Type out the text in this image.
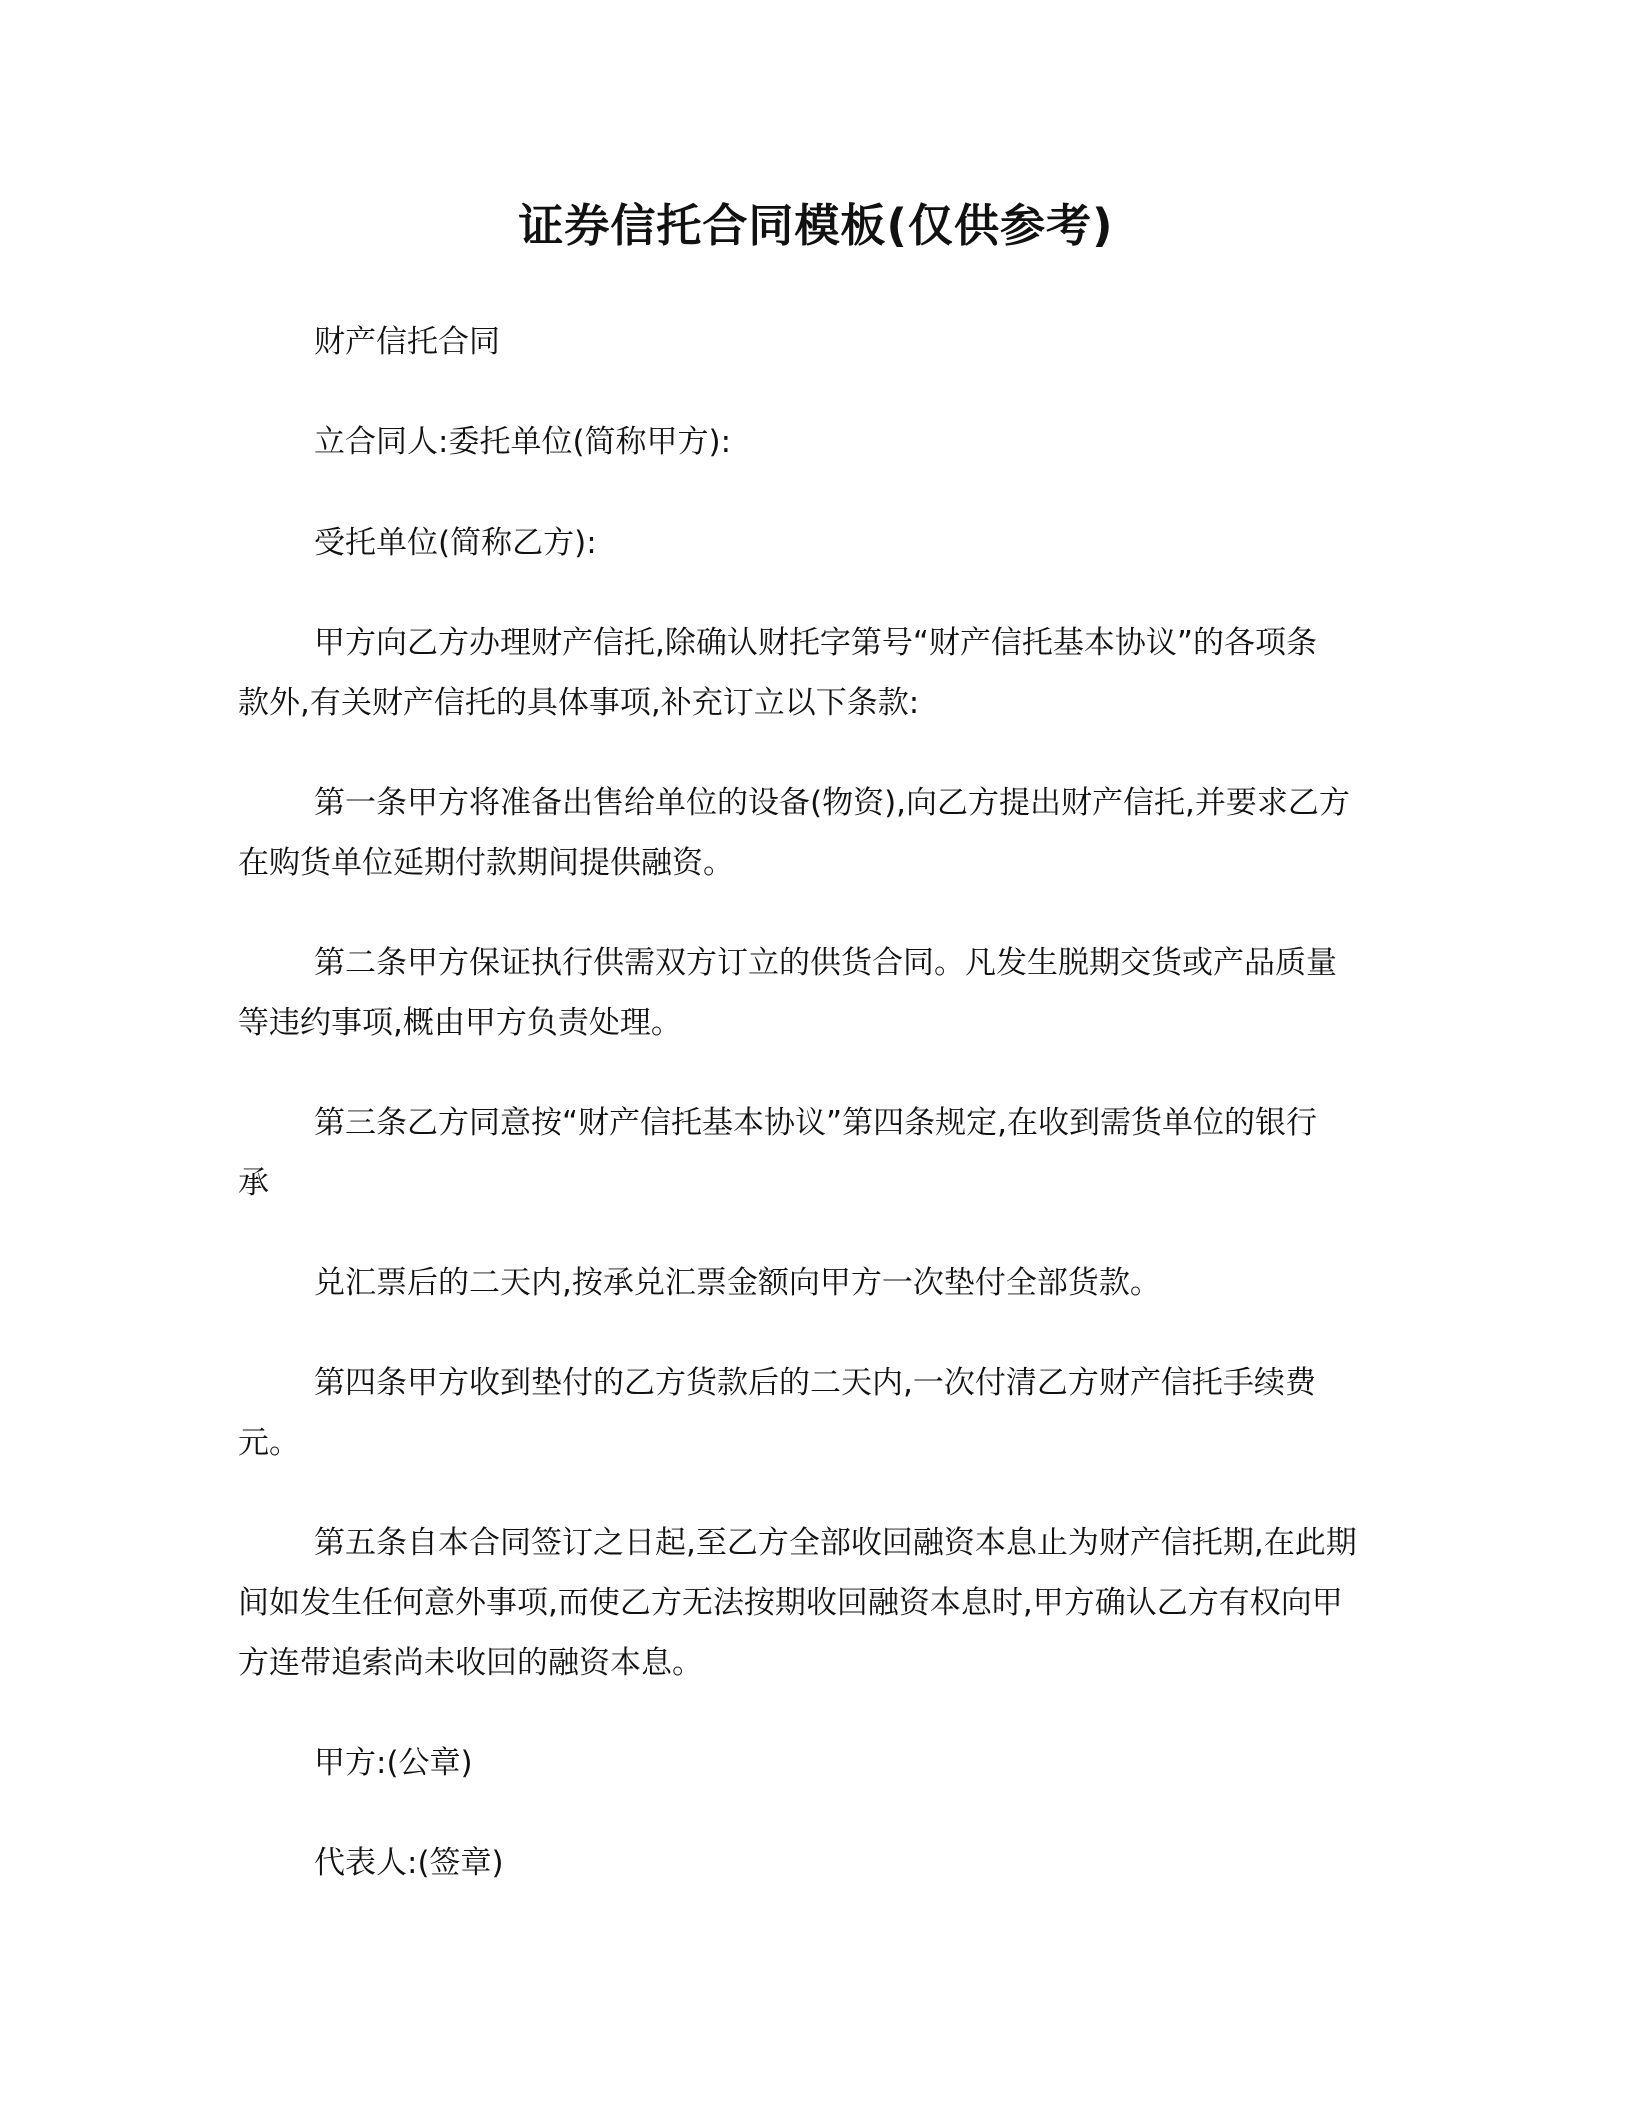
证券信托合同模板(仅供参考)
财产信托合同
立合同人:委托单位(简称甲方):
受托单位(简称乙方):
甲方向乙方办理财产信托,除确认财托字第号“财产信托基本协议”的各项条
款外,有关财产信托的具体事项,补充订立以下条款:
第一条甲方将准备出售给单位的设备(物资),向乙方提出财产信托,并要求乙方
在购货单位延期付款期间提供融资。
第二条甲方保证执行供需双方订立的供货合同。凡发生脱期交货或产品质量
等违约事项,概由甲方负责处理。
第三条乙方同意按“财产信托基本协议”第四条规定,在收到需货单位的银行
承
兑汇票后的二天内,按承兑汇票金额向甲方一次垫付全部货款。
第四条甲方收到垫付的乙方货款后的二天内,一次付清乙方财产信托手续费
元。
第五条自本合同签订之日起,至乙方全部收回融资本息止为财产信托期,在此期
间如发生任何意外事项,而使乙方无法按期收回融资本息时,甲方确认乙方有权向甲
方连带追索尚未收回的融资本息。
甲方:(公章)
代表人:(签章)
